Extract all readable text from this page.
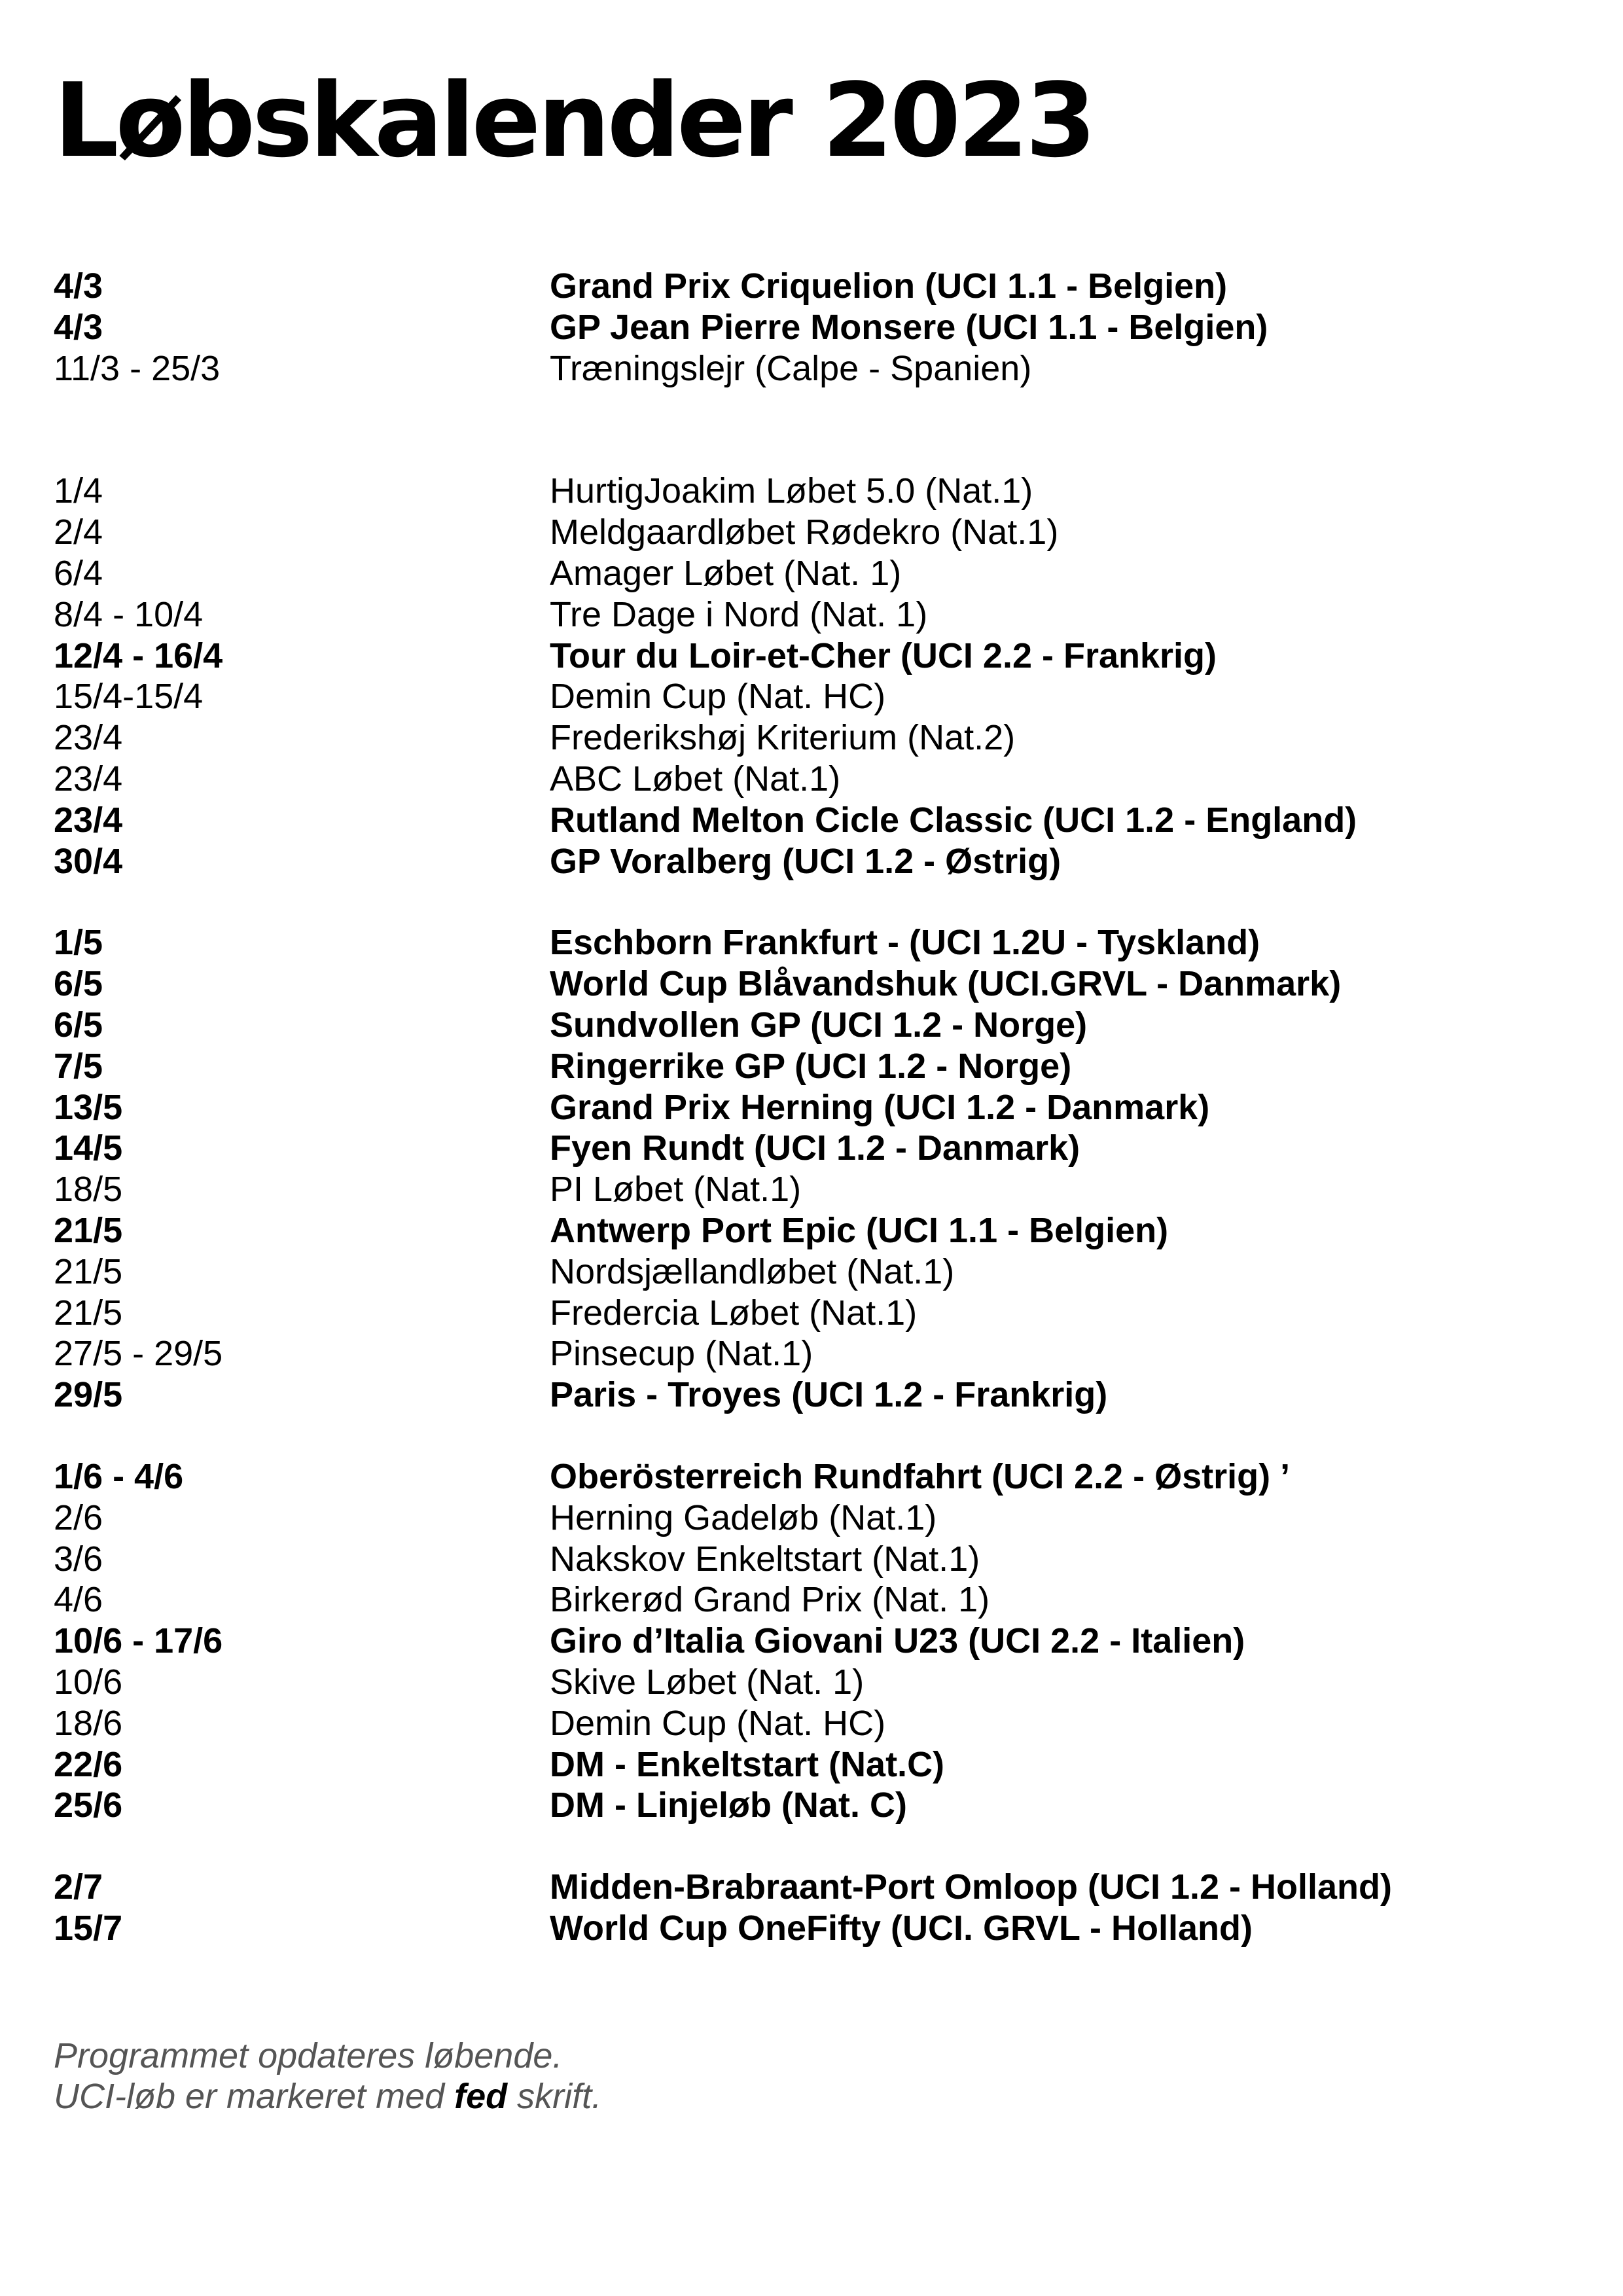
Løbskalender 2023
4/3	Grand Prix Criquelion (UCI 1.1 - Belgien)
4/3	GP Jean Pierre Monsere (UCI 1.1 - Belgien)
11/3 - 25/3	Træningslejr (Calpe - Spanien)
1/4	HurtigJoakim Løbet 5.0 (Nat.1)
2/4	Meldgaardløbet Rødekro (Nat.1)
6/4	Amager Løbet (Nat. 1)
8/4 - 10/4	Tre Dage i Nord (Nat. 1)
12/4 - 16/4	Tour du Loir-et-Cher (UCI 2.2 - Frankrig)
15/4-15/4	Demin Cup (Nat. HC)
23/4	Frederikshøj Kriterium (Nat.2)
23/4	ABC Løbet (Nat.1)
23/4	Rutland Melton Cicle Classic (UCI 1.2 - England)
30/4	GP Voralberg (UCI 1.2 - Østrig)
1/5	Eschborn Frankfurt - (UCI 1.2U - Tyskland)
6/5	World Cup Blåvandshuk (UCI.GRVL - Danmark)
6/5	Sundvollen GP (UCI 1.2 - Norge)
7/5	Ringerrike GP (UCI 1.2 - Norge)
13/5	Grand Prix Herning (UCI 1.2 - Danmark)
14/5	Fyen Rundt (UCI 1.2 - Danmark)
18/5	PI Løbet (Nat.1)
21/5	Antwerp Port Epic (UCI 1.1 - Belgien)
21/5	Nordsjællandløbet (Nat.1)
21/5	Fredercia Løbet (Nat.1)
27/5 - 29/5	Pinsecup (Nat.1)
29/5	Paris - Troyes (UCI 1.2 - Frankrig)
1/6 - 4/6	Oberösterreich Rundfahrt (UCI 2.2 - Østrig) ’
2/6	Herning Gadeløb (Nat.1)
3/6	Nakskov Enkeltstart (Nat.1)
4/6	Birkerød Grand Prix (Nat. 1)
10/6 - 17/6	Giro d’Italia Giovani U23 (UCI 2.2 - Italien)
10/6	Skive Løbet (Nat. 1)
18/6	Demin Cup (Nat. HC)
22/6	DM - Enkeltstart (Nat.C)
25/6	DM - Linjeløb (Nat. C)
2/7	Midden-Brabraant-Port Omloop (UCI 1.2 - Holland)
15/7	World Cup OneFifty (UCI. GRVL - Holland)
Programmet opdateres løbende.
UCI-løb er markeret med fed skrift.
